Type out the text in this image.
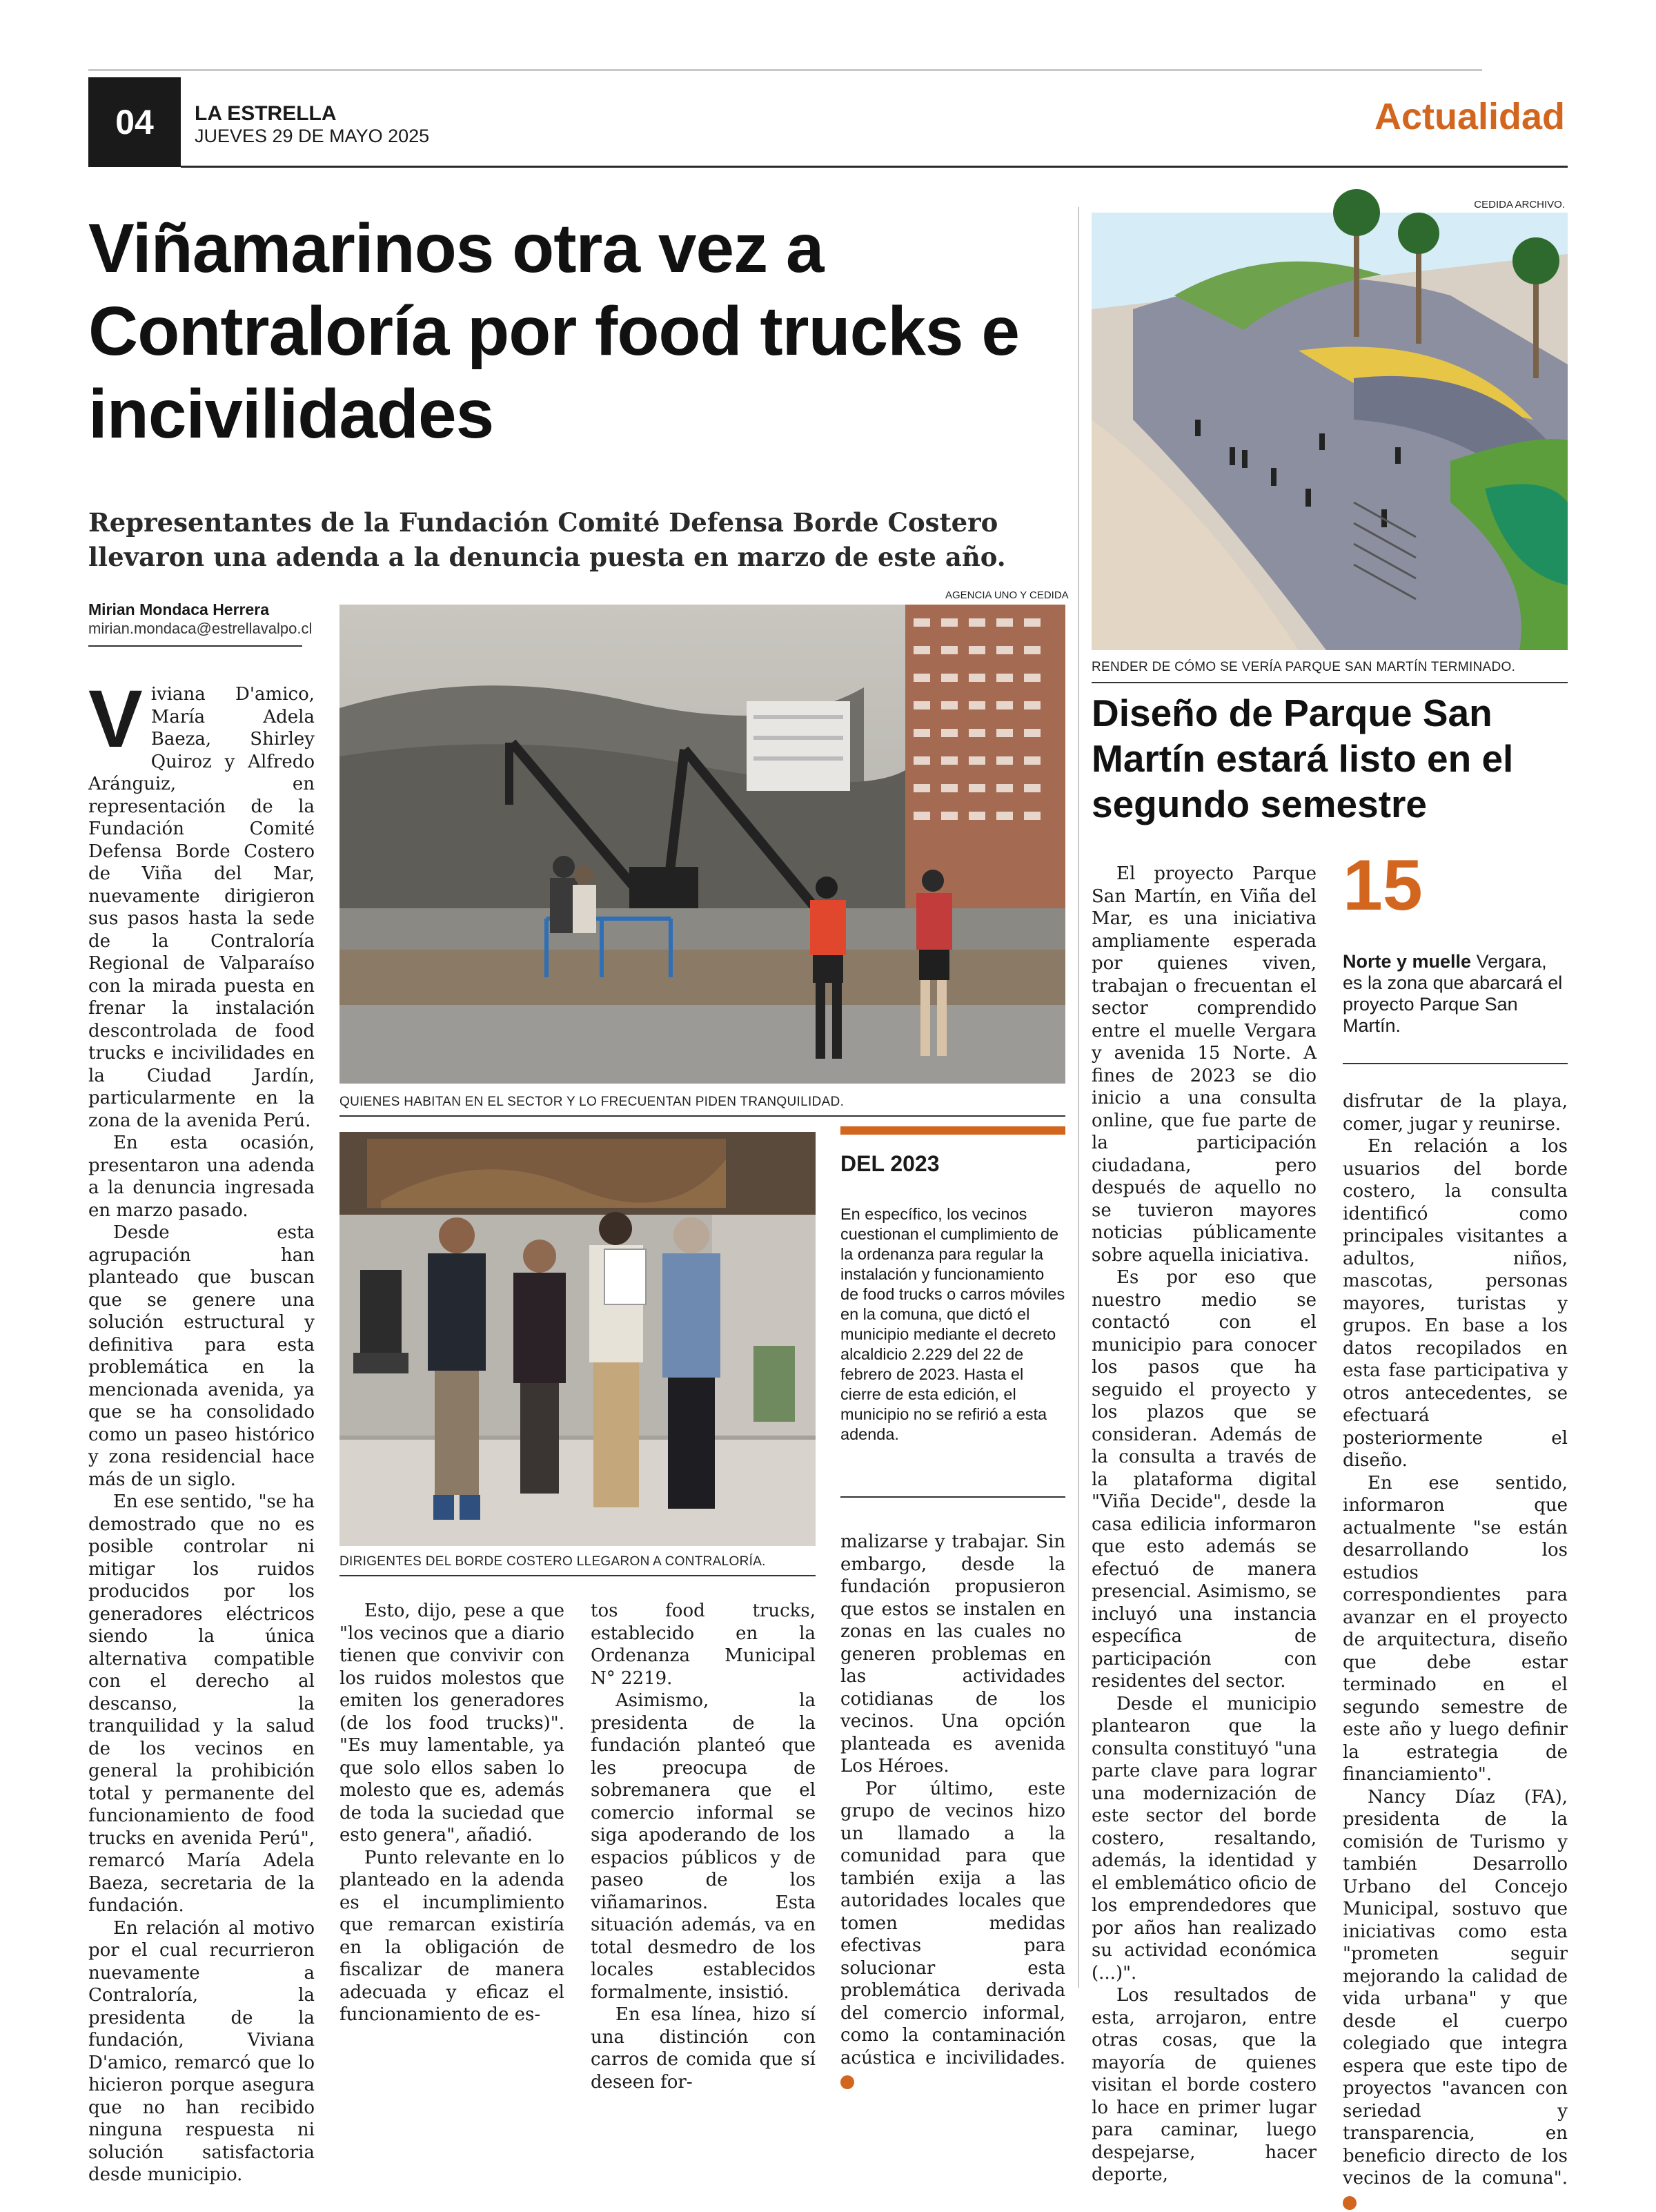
04	LA ESTRELLA
JUEVES 29 DE MAYO 2025	Actualidad
Viñamarinos otra vez a Contraloría por food trucks e incivilidades
Representantes de la Fundación Comité Defensa Borde Costero llevaron una adenda a la denuncia puesta en marzo de este año.
Mirian Mondaca Herrera
mirian.mondaca@estrellavalpo.cl

Viviana D'amico, María Adela Baeza, Shirley Quiroz y Alfredo Aránguiz, en representación de la Fundación Comité Defensa Borde Costero de Viña del Mar, nuevamente dirigieron sus pasos hasta la sede de la Contraloría Regional de Valparaíso con la mirada puesta en frenar la instalación descontrolada de food trucks e incivilidades en la Ciudad Jardín, particularmente en la zona de la avenida Perú.

En esta ocasión, presentaron una adenda a la denuncia ingresada en marzo pasado.

Desde esta agrupación han planteado que buscan que se genere una solución estructural y definitiva para esta problemática en la mencionada avenida, ya que se ha consolidado como un paseo histórico y zona residencial hace más de un siglo.

En ese sentido, "se ha demostrado que no es posible controlar ni mitigar los ruidos producidos por los generadores eléctricos siendo la única alternativa compatible con el derecho al descanso, la tranquilidad y la salud de los vecinos en general la prohibición total y permanente del funcionamiento de food trucks en avenida Perú", remarcó María Adela Baeza, secretaria de la fundación.

En relación al motivo por el cual recurrieron nuevamente a Contraloría, la presidenta de la fundación, Viviana D'amico, remarcó que lo hicieron porque asegura que no han recibido ninguna respuesta ni solución satisfactoria desde municipio.

AGENCIA UNO Y CEDIDA
QUIENES HABITAN EN EL SECTOR Y LO FRECUENTAN PIDEN TRANQUILIDAD.
DIRIGENTES DEL BORDE COSTERO LLEGARON A CONTRALORÍA.
DEL 2023
En específico, los vecinos cuestionan el cumplimiento de la ordenanza para regular la instalación y funcionamiento de food trucks o carros móviles en la comuna, que dictó el municipio mediante el decreto alcaldicio 2.229 del 22 de febrero de 2023. Hasta el cierre de esta edición, el municipio no se refirió a esta adenda.

Esto, dijo, pese a que "los vecinos que a diario tienen que convivir con los ruidos molestos que emiten los generadores (de los food trucks)". "Es muy lamentable, ya que solo ellos saben lo molesto que es, además de toda la suciedad que esto genera", añadió.

Punto relevante en lo planteado en la adenda es el incumplimiento que remarcan existiría en la obligación de fiscalizar de manera adecuada y eficaz el funcionamiento de es-

tos food trucks, establecido en la Ordenanza Municipal N° 2219.

Asimismo, la presidenta de la fundación planteó que les preocupa de sobremanera que el comercio informal se siga apoderando de los espacios públicos y de paseo de los viñamarinos. Esta situación además, va en total desmedro de los locales establecidos formalmente, insistió.

En esa línea, hizo sí una distinción con carros de comida que sí deseen for-

malizarse y trabajar. Sin embargo, desde la fundación propusieron que estos se instalen en zonas en las cuales no generen problemas en las actividades cotidianas de los vecinos. Una opción planteada es avenida Los Héroes.

Por último, este grupo de vecinos hizo un llamado a la comunidad para que también exija a las autoridades locales que tomen medidas efectivas para solucionar esta problemática derivada del comercio informal, como la contaminación acústica e incivilidades. +

CEDIDA ARCHIVO.
RENDER DE CÓMO SE VERÍA PARQUE SAN MARTÍN TERMINADO.
Diseño de Parque San Martín estará listo en el segundo semestre
15
Norte y muelle Vergara, es la zona que abarcará el proyecto Parque San Martín.

El proyecto Parque San Martín, en Viña del Mar, es una iniciativa ampliamente esperada por quienes viven, trabajan o frecuentan el sector comprendido entre el muelle Vergara y avenida 15 Norte. A fines de 2023 se dio inicio a una consulta online, que fue parte de la participación ciudadana, pero después de aquello no se tuvieron mayores noticias públicamente sobre aquella iniciativa.

Es por eso que nuestro medio se contactó con el municipio para conocer los pasos que ha seguido el proyecto y los plazos que se consideran. Además de la consulta a través de la plataforma digital "Viña Decide", desde la casa edilicia informaron que esto además se efectuó de manera presencial. Asimismo, se incluyó una instancia específica de participación con residentes del sector.

Desde el municipio plantearon que la consulta constituyó "una parte clave para lograr una modernización de este sector del borde costero, resaltando, además, la identidad y el emblemático oficio de los emprendedores que por años han realizado su actividad económica (...)".

Los resultados de esta, arrojaron, entre otras cosas, que la mayoría de quienes visitan el borde costero lo hace en primer lugar para caminar, luego despejarse, hacer deporte,

disfrutar de la playa, comer, jugar y reunirse.

En relación a los usuarios del borde costero, la consulta identificó como principales visitantes a adultos, niños, mascotas, personas mayores, turistas y grupos. En base a los datos recopilados en esta fase participativa y otros antecedentes, se efectuará posteriormente el diseño.

En ese sentido, informaron que actualmente "se están desarrollando los estudios correspondientes para avanzar en el proyecto de arquitectura, diseño que debe estar terminado en el segundo semestre de este año y luego definir la estrategia de financiamiento".

Nancy Díaz (FA), presidenta de la comisión de Turismo y también Desarrollo Urbano del Concejo Municipal, sostuvo que iniciativas como esta "prometen seguir mejorando la calidad de vida urbana" y que desde el cuerpo colegiado que integra espera que este tipo de proyectos "avancen con seriedad y transparencia, en beneficio directo de los vecinos de la comuna". +
